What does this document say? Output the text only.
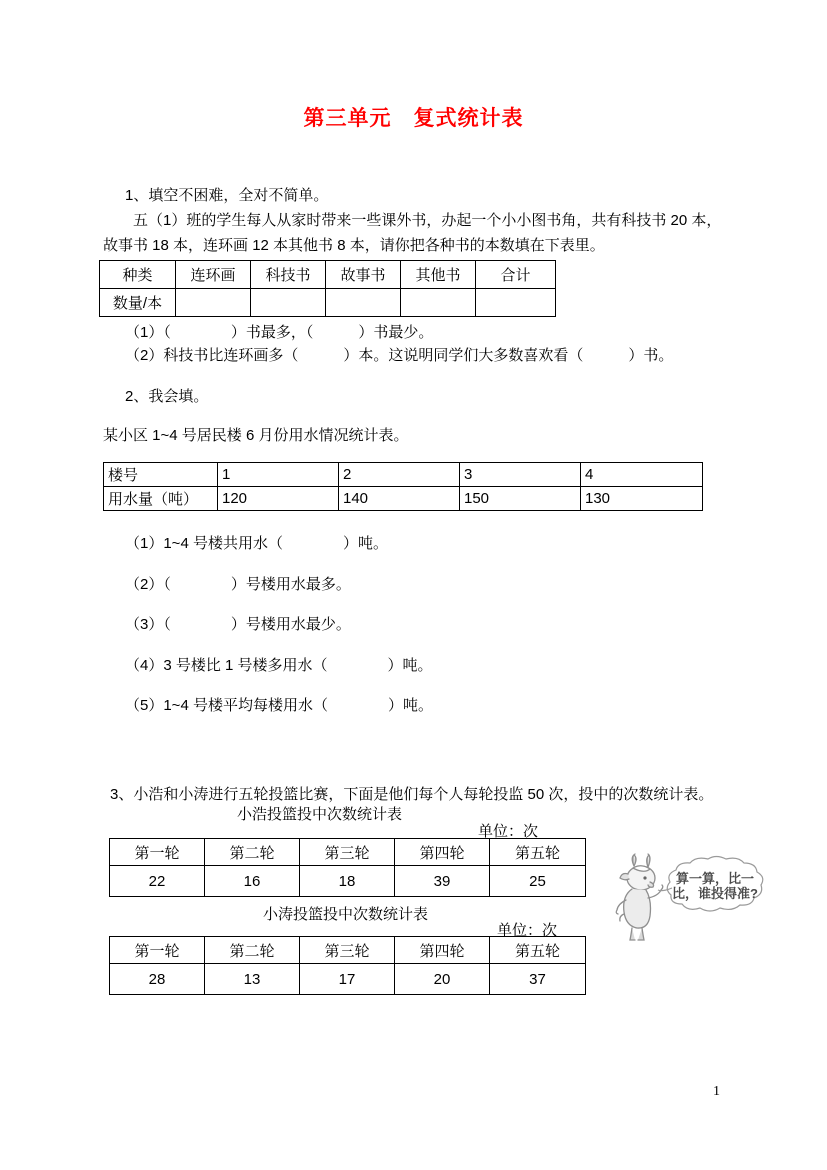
第三单元　复式统计表
1、填空不困难，全对不简单。
五（1）班的学生每人从家时带来一些课外书，办起一个小小图书角，共有科技书 20 本，
故事书 18 本，连环画 12 本其他书 8 本，请你把各种书的本数填在下表里。
种类	连环画	科技书	故事书	其他书	合计
数量/本					
（1）（　　　　）书最多，（　　　）书最少。
（2）科技书比连环画多（　　　）本。这说明同学们大多数喜欢看（　　　）书。
2、我会填。
某小区 1~4 号居民楼 6 月份用水情况统计表。
楼号	1	2	3	4
用水量（吨）	120	140	150	130
（1）1~4 号楼共用水（　　　　）吨。
（2）（　　　　）号楼用水最多。
（3）（　　　　）号楼用水最少。
（4）3 号楼比 1 号楼多用水（　　　　）吨。
（5）1~4 号楼平均每楼用水（　　　　）吨。
3、小浩和小涛进行五轮投篮比赛，下面是他们每个人每轮投监 50 次，投中的次数统计表。
小浩投篮投中次数统计表
单位：次
第一轮	第二轮	第三轮	第四轮	第五轮
22	16	18	39	25
小涛投篮投中次数统计表
单位：次
第一轮	第二轮	第三轮	第四轮	第五轮
28	13	17	20	37
算一算，比一
比，谁投得准?
1
